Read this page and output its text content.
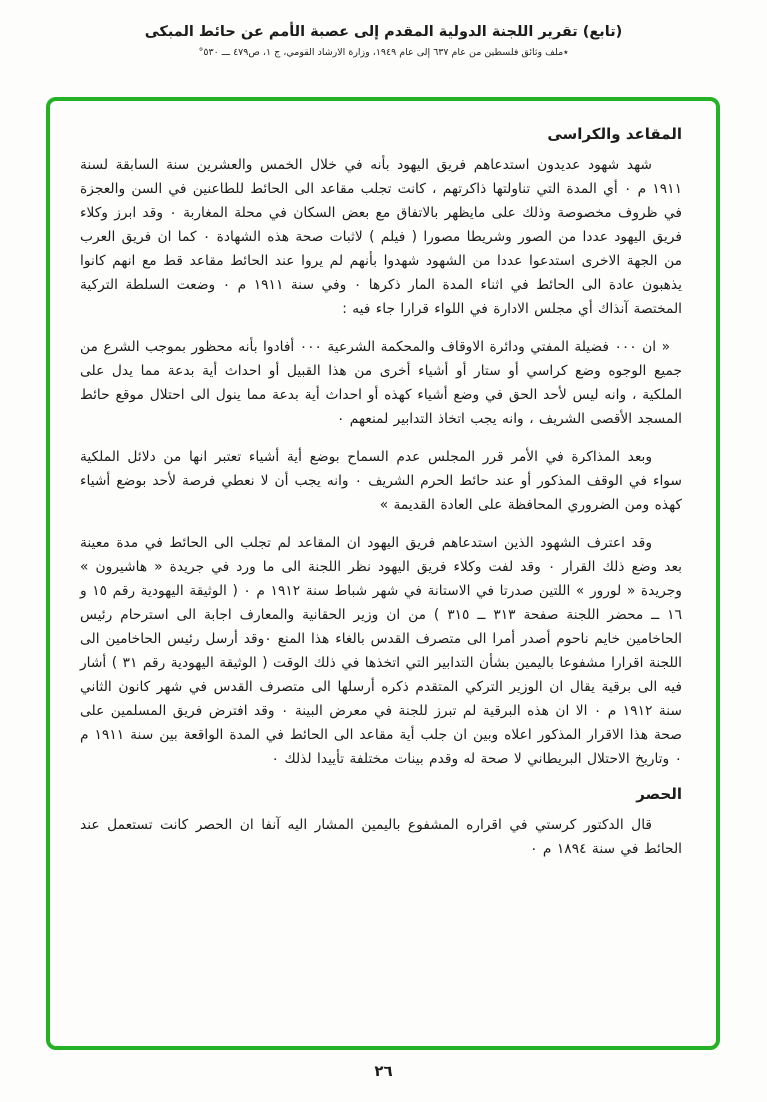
(تابع) تقرير اللجنة الدولية المقدم إلى عصبة الأمم عن حائط المبكى
٭ملف وثائق فلسطين من عام ٦٣٧ إلى عام ١٩٤٩، وزارة الارشاد القومي، ج ١، ص٤٧٩ ـــ ٥٣٠°
المقاعد والكراسى

شهد شهود عديدون استدعاهم فريق اليهود بأنه في خلال الخمس والعشرين سنة السابقة لسنة ١٩١١ م ٠ أي المدة التي تناولتها ذاكرتهم ، كانت تجلب مقاعد الى الحائط للطاعنين في السن والعجزة في ظروف مخصوصة وذلك على مايظهر بالاتفاق مع بعض السكان في محلة المغاربة ٠ وقد ابرز وكلاء فريق اليهود عددا من الصور وشريطا مصورا ( فيلم ) لاثبات صحة هذه الشهادة ٠ كما ان فريق العرب من الجهة الاخرى استدعوا عددا من الشهود شهدوا بأنهم لم يروا عند الحائط مقاعد قط مع انهم كانوا يذهبون عادة الى الحائط في اثناء المدة المار ذكرها ٠ وفي سنة ١٩١١ م ٠ وضعت السلطة التركية المختصة آنذاك أي مجلس الادارة في اللواء قرارا جاء فيه :

« ان ٠٠٠ فضيلة المفتي ودائرة الاوقاف والمحكمة الشرعية ٠٠٠ أفادوا بأنه محظور بموجب الشرع من جميع الوجوه وضع كراسي أو ستار أو أشياء أخرى من هذا القبيل أو احداث أية بدعة مما يدل على الملكية ، وانه ليس لأحد الحق في وضع أشياء كهذه أو احداث أية بدعة مما ينول الى احتلال موقع حائط المسجد الأقصى الشريف ، وانه يجب اتخاذ التدابير لمنعهم ٠

وبعد المذاكرة في الأمر قرر المجلس عدم السماح بوضع أية أشياء تعتبر انها من دلائل الملكية سواء في الوقف المذكور أو عند حائط الحرم الشريف ٠ وانه يجب أن لا نعطي فرصة لأحد بوضع أشياء كهذه ومن الضروري المحافظة على العادة القديمة »

وقد اعترف الشهود الذين استدعاهم فريق اليهود ان المقاعد لم تجلب الى الحائط في مدة معينة بعد وضع ذلك القرار ٠ وقد لفت وكلاء فريق اليهود نظر اللجنة الى ما ورد في جريدة « هاشيرون » وجريدة « لورور » اللتين صدرتا في الاستانة في شهر شباط سنة ١٩١٢ م ٠ ( الوثيقة اليهودية رقم ١٥ و ١٦ ــ محضر اللجنة صفحة ٣١٣ ــ ٣١٥ ) من ان وزير الحقانية والمعارف اجابة الى استرحام رئيس الحاخامين خايم ناحوم أصدر أمرا الى متصرف القدس بالغاء هذا المنع ٠وقد أرسل رئيس الحاخامين الى اللجنة اقرارا مشفوعا باليمين بشأن التدابير التي اتخذها في ذلك الوقت ( الوثيقة اليهودية رقم ٣١ ) أشار فيه الى برقية يقال ان الوزير التركي المتقدم ذكره أرسلها الى متصرف القدس في شهر كانون الثاني سنة ١٩١٢ م ٠ الا ان هذه البرقية لم تبرز للجنة في معرض البينة ٠ وقد افترض فريق المسلمين على صحة هذا الاقرار المذكور اعلاه وبين ان جلب أية مقاعد الى الحائط في المدة الواقعة بين سنة ١٩١١ م ٠ وتاريخ الاحتلال البريطاني لا صحة له وقدم بينات مختلفة تأييدا لذلك ٠

الحصر

قال الدكتور كرستي في اقراره المشفوع باليمين المشار اليه آنفا ان الحصر كانت تستعمل عند الحائط في سنة ١٨٩٤ م ٠

٢٦
